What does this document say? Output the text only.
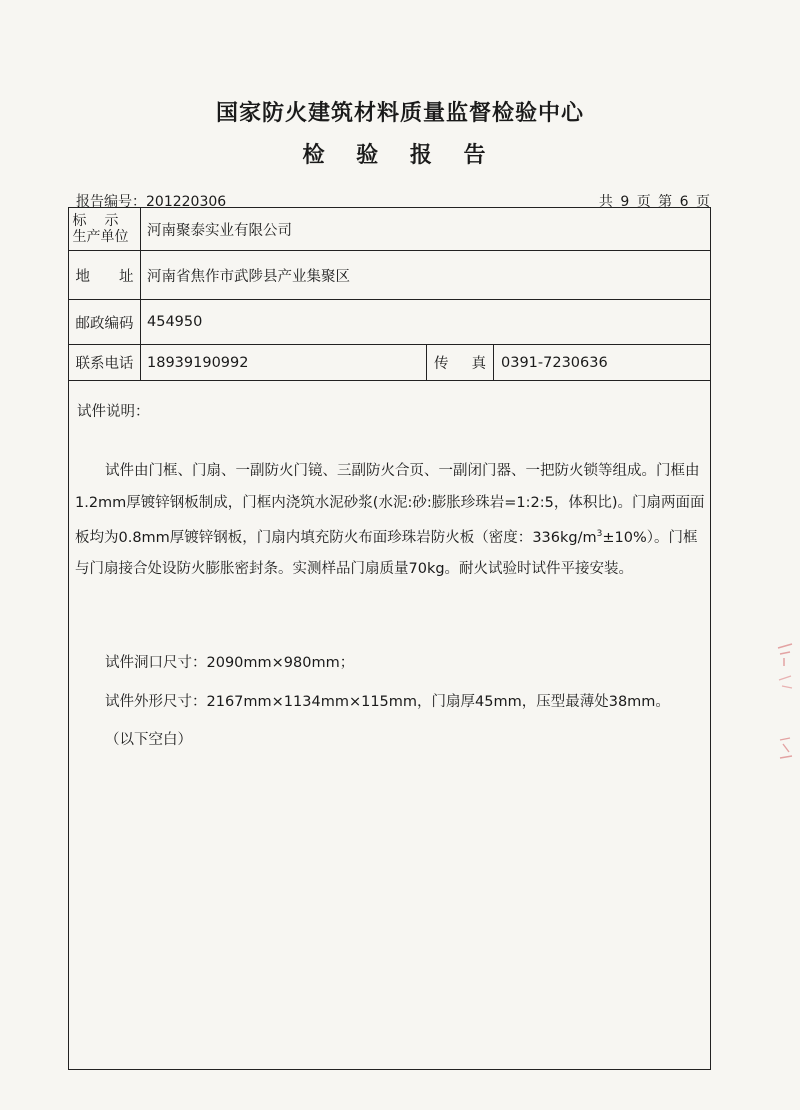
国家防火建筑材料质量监督检验中心
检 验 报 告
报告编号：201220306	共 9 页 第 6 页
标示
生产单位	河南聚泰实业有限公司
地 址 河南省焦作市武陟县产业集聚区
邮政编码 454950
联系电话 18939190992	传 真 0391-7230636
试件说明：
试件由门框、门扇、一副防火门镜、三副防火合页、一副闭门器、一把防火锁等组成。门框由1.2mm厚镀锌钢板制成，门框内浇筑水泥砂浆(水泥:砂:膨胀珍珠岩=1:2:5，体积比)。门扇两面面板均为0.8mm厚镀锌钢板，门扇内填充防火布面珍珠岩防火板（密度：$336kg/m^3\pm 10\%$）。门框与门扇接合处设防火膨胀密封条。实测样品门扇质量70kg。耐火试验时试件平接安装。
试件洞口尺寸：2090mm×980mm；
试件外形尺寸：2167mm×1134mm×115mm，门扇厚45mm，压型最薄处38mm。
（以下空白）
